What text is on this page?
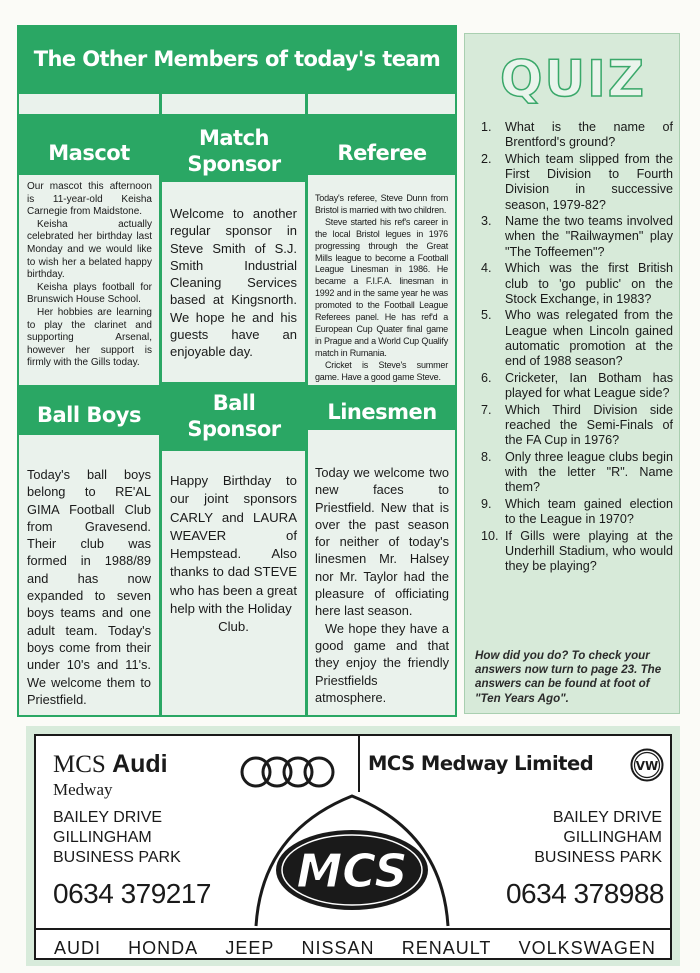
The Other Members of today's team
Mascot
Match
Sponsor	Referee

Our mascot this afternoon is 11-year-old Keisha Carnegie from Maidstone.

Keisha actually celebrated her birthday last Monday and we would like to wish her a belated happy birthday.

Keisha plays football for Brunswich House School.

Her hobbies are learning to play the clarinet and supporting Arsenal, however her support is firmly with the Gills today.

Welcome to another regular sponsor in Steve Smith of S.J. Smith Industrial Cleaning Services based at Kingsnorth. We hope he and his guests have an enjoyable day.

Today's referee, Steve Dunn from Bristol is married with two children.

Steve started his ref's career in the local Bristol legues in 1976 progressing through the Great Mills league to become a Football League Linesman in 1986. He became a F.I.F.A. linesman in 1992 and in the same year he was promoted to the Football League Referees panel. He has ref'd a European Cup Quater final game in Prague and a World Cup Qualify match in Rumania.

Cricket is Steve's summer game. Have a good game Steve.

Ball Boys	Ball
Sponsor
Linesmen

Today's ball boys belong to RE'AL GIMA Football Club from Gravesend. Their club was formed in 1988/89 and has now expanded to seven boys teams and one adult team. Today's boys come from their under 10's and 11's. We welcome them to Priestfield.

Happy Birthday to our joint sponsors CARLY and LAURA WEAVER of Hempstead. Also thanks to dad STEVE who has been a great help with the Holiday

Club.

Today we welcome two new faces to Priestfield. New that is over the past season for neither of today's linesmen Mr. Halsey nor Mr. Taylor had the pleasure of officiating here last season.

We hope they have a good game and that they enjoy the friendly Priestfields atmosphere.

QUIZ
1.	What is the name of Brentford's ground?
2.	Which team slipped from the First Division to Fourth Division in successive season, 1979-82?
3.	Name the two teams involved when the "Railwaymen" play "The Toffeemen"?
4.	Which was the first British club to 'go public' on the Stock Exchange, in 1983?
5.	Who was relegated from the League when Lincoln gained automatic promotion at the end of 1988 season?
6.	Cricketer, Ian Botham has played for what League side?
7.	Which Third Division side reached the Semi-Finals of the FA Cup in 1976?
8.	Only three league clubs begin with the letter "R". Name them?
9.	Which team gained election to the League in 1970?
10. If Gills were playing at the Underhill Stadium, who would they be playing?
How did you do? To check your answers now turn to page 23. The answers can be found at foot of "Ten Years Ago".
MCS Audi
Medway
MCS Medway Limited	VW
BAILEY DRIVE
GILLINGHAM
BUSINESS PARK
0634 379217
BAILEY DRIVE
GILLINGHAM
BUSINESS PARK
0634 378988
MCS
AUDI HONDA JEEP NISSAN RENAULT VOLKSWAGEN
